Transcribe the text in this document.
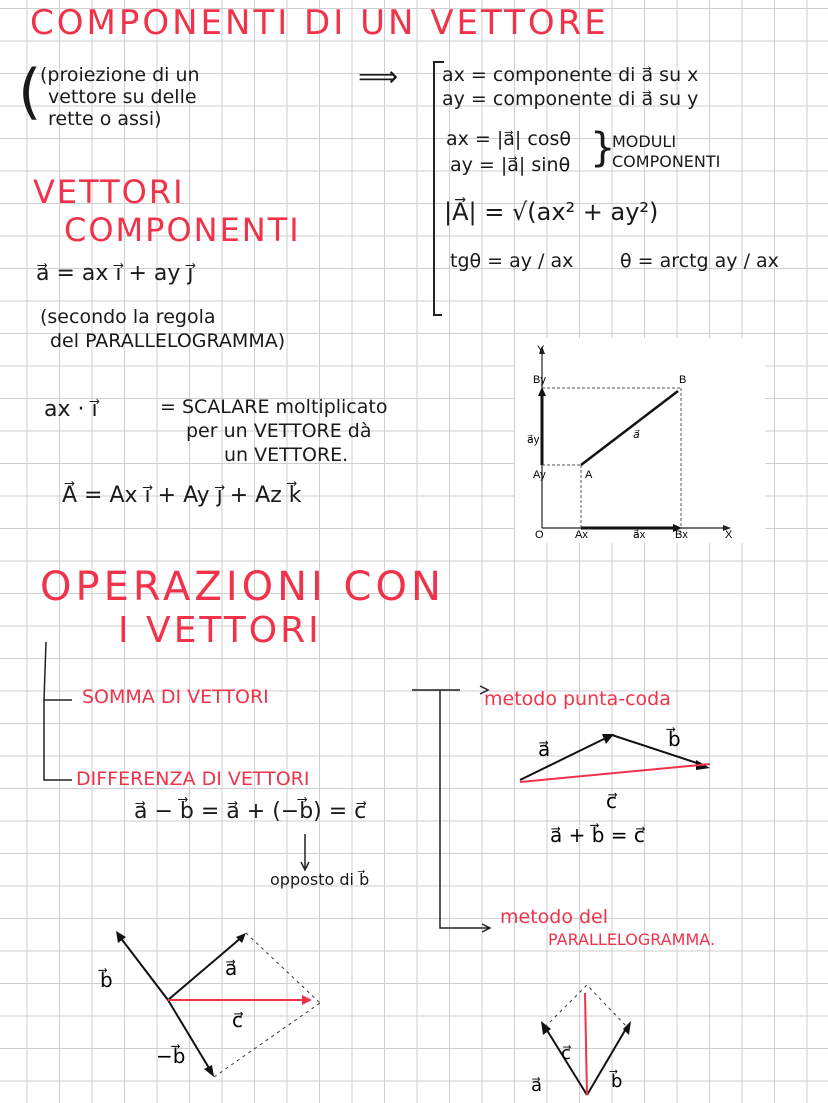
COMPONENTI DI UN VETTORE
(
(proiezione di un
vettore su delle
rette o assi)
⟹ ax = componente di a⃗ su x
ay = componente di a⃗ su y
ax = |a⃗| cosθ
ay = |a⃗| sinθ }
MODULI
COMPONENTI
|A⃗| = √(ax² + ay²)
tgθ = ay / ax θ = arctg ay / ax
VETTORI
COMPONENTI
a⃗ = ax i⃗ + ay j⃗
(secondo la regola
del PARALLELOGRAMMA)
ax · i⃗	= SCALARE moltiplicato
per un VETTORE dà
un VETTORE.
A⃗ = Ax i⃗ + Ay j⃗ + Az k⃗
Y
By	B
a⃗y	a⃗
Ay	A
O	Ax	a⃗x	Bx	X
OPERAZIONI CON
I VETTORI
SOMMA DI VETTORI
DIFFERENZA DI VETTORI
a⃗ − b⃗ = a⃗ + (−b⃗) = c⃗
opposto di b⃗
metodo punta-coda
metodo del
PARALLELOGRAMMA.
a⃗	b⃗
c⃗
a⃗ + b⃗ = c⃗
b⃗	a⃗
c⃗
−b⃗	c⃗
b⃗
a⃗
